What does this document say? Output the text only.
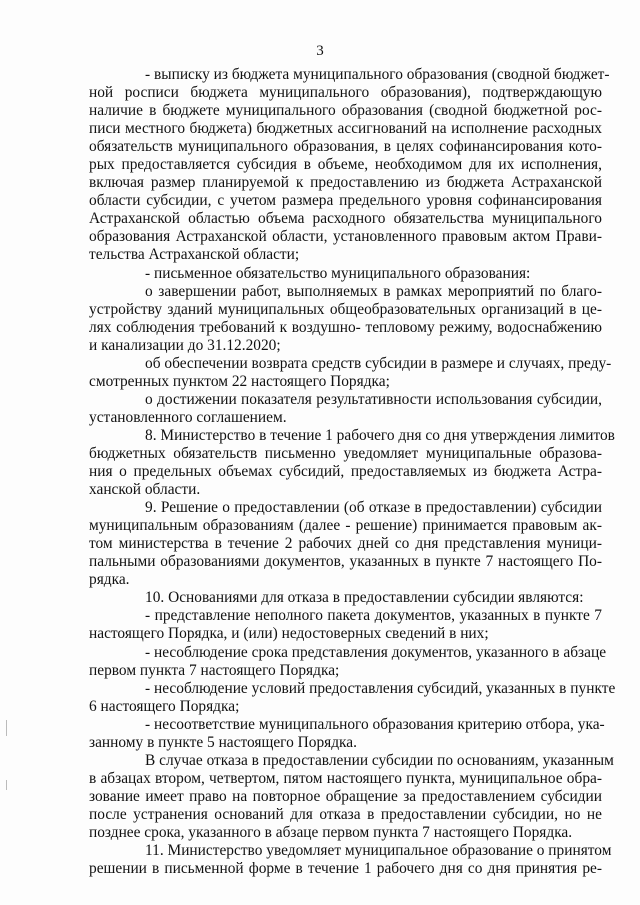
3
- выписку из бюджета муниципального образования (сводной бюджет-
ной росписи бюджета муниципального образования), подтверждающую
наличие в бюджете муниципального образования (сводной бюджетной рос-
писи местного бюджета) бюджетных ассигнований на исполнение расходных
обязательств муниципального образования, в целях софинансирования кото-
рых предоставляется субсидия в объеме, необходимом для их исполнения,
включая размер планируемой к предоставлению из бюджета Астраханской
области субсидии, с учетом размера предельного уровня софинансирования
Астраханской областью объема расходного обязательства муниципального
образования Астраханской области, установленного правовым актом Прави-
тельства Астраханской области;
- письменное обязательство муниципального образования:
о завершении работ, выполняемых в рамках мероприятий по благо-
устройству зданий муниципальных общеобразовательных организаций в це-
лях соблюдения требований к воздушно- тепловому режиму, водоснабжению
и канализации до 31.12.2020;
об обеспечении возврата средств субсидии в размере и случаях, преду-
смотренных пунктом 22 настоящего Порядка;
о достижении показателя результативности использования субсидии,
установленного соглашением.
8. Министерство в течение 1 рабочего дня со дня утверждения лимитов
бюджетных обязательств письменно уведомляет муниципальные образова-
ния о предельных объемах субсидий, предоставляемых из бюджета Астра-
ханской области.
9. Решение о предоставлении (об отказе в предоставлении) субсидии
муниципальным образованиям (далее - решение) принимается правовым ак-
том министерства в течение 2 рабочих дней со дня представления муници-
пальными образованиями документов, указанных в пункте 7 настоящего По-
рядка.
10. Основаниями для отказа в предоставлении субсидии являются:
- представление неполного пакета документов, указанных в пункте 7
настоящего Порядка, и (или) недостоверных сведений в них;
- несоблюдение срока представления документов, указанного в абзаце
первом пункта 7 настоящего Порядка;
- несоблюдение условий предоставления субсидий, указанных в пункте
6 настоящего Порядка;
- несоответствие муниципального образования критерию отбора, ука-
занному в пункте 5 настоящего Порядка.
В случае отказа в предоставлении субсидии по основаниям, указанным
в абзацах втором, четвертом, пятом настоящего пункта, муниципальное обра-
зование имеет право на повторное обращение за предоставлением субсидии
после устранения оснований для отказа в предоставлении субсидии, но не
позднее срока, указанного в абзаце первом пункта 7 настоящего Порядка.
11. Министерство уведомляет муниципальное образование о принятом
решении в письменной форме в течение 1 рабочего дня со дня принятия ре-
